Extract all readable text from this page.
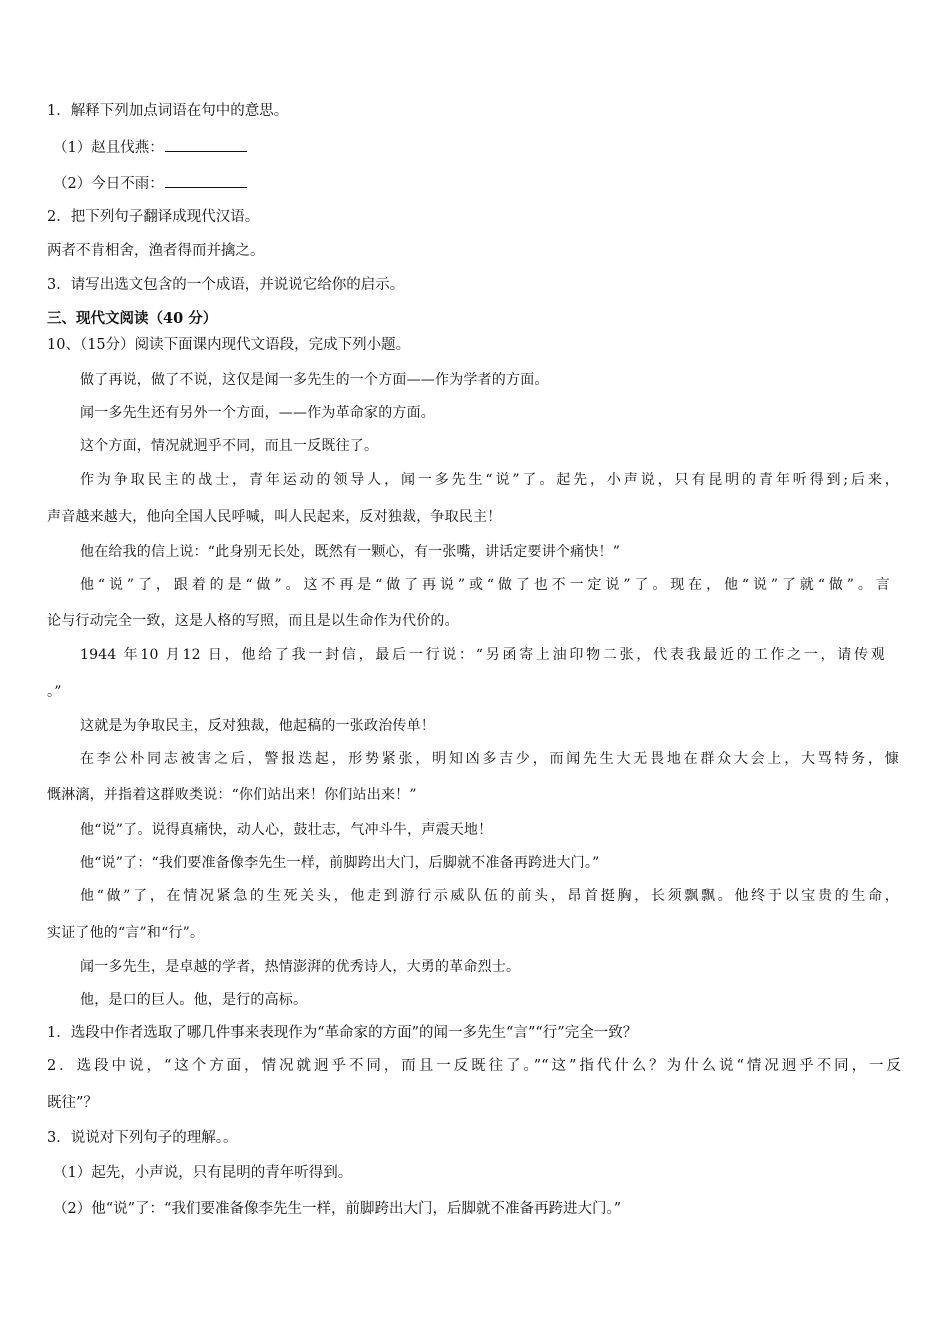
1．解释下列加点词语在句中的意思。
（1）赵且伐燕：
（2）今日不雨：
2．把下列句子翻译成现代汉语。
两者不肯相舍，渔者得而并擒之。
3．请写出选文包含的一个成语，并说说它给你的启示。
三、现代文阅读（40 分）
10、（15分）阅读下面课内现代文语段，完成下列小题。
做了再说，做了不说，这仅是闻一多先生的一个方面——作为学者的方面。
闻一多先生还有另外一个方面，——作为革命家的方面。
这个方面，情况就迥乎不同，而且一反既往了。
作为争取民主的战士，青年运动的领导人，闻一多先生“说”了。起先，小声说，只有昆明的青年听得到;后来，
声音越来越大，他向全国人民呼喊，叫人民起来，反对独裁，争取民主！
他在给我的信上说：“此身别无长处，既然有一颗心，有一张嘴，讲话定要讲个痛快！”
他“说”了，跟着的是“做”。这不再是“做了再说”或“做了也不一定说”了。现在，他“说”了就“做”。言
论与行动完全一致，这是人格的写照，而且是以生命作为代价的。
1944 年10 月12 日，他给了我一封信，最后一行说：“另函寄上油印物二张，代表我最近的工作之一，请传观
。”
这就是为争取民主，反对独裁，他起稿的一张政治传单！
在李公朴同志被害之后，警报迭起，形势紧张，明知凶多吉少，而闻先生大无畏地在群众大会上，大骂特务，慷
慨淋漓，并指着这群败类说：“你们站出来！你们站出来！”
他“说”了。说得真痛快，动人心，鼓壮志，气冲斗牛，声震天地！
他“说”了：“我们要准备像李先生一样，前脚跨出大门，后脚就不准备再跨进大门。”
他“做”了，在情况紧急的生死关头，他走到游行示威队伍的前头，昂首挺胸，长须飘飘。他终于以宝贵的生命，
实证了他的“言”和“行”。
闻一多先生，是卓越的学者，热情澎湃的优秀诗人，大勇的革命烈士。
他，是口的巨人。他，是行的高标。
1．选段中作者选取了哪几件事来表现作为“革命家的方面”的闻一多先生“言”“行”完全一致？
2．选段中说，“这个方面，情况就迥乎不同，而且一反既往了。”“这”指代什么？为什么说“情况迥乎不同，一反
既往”？
3．说说对下列句子的理解。。
（1）起先，小声说，只有昆明的青年听得到。
（2）他“说”了：“我们要准备像李先生一样，前脚跨出大门，后脚就不准备再跨进大门。”
